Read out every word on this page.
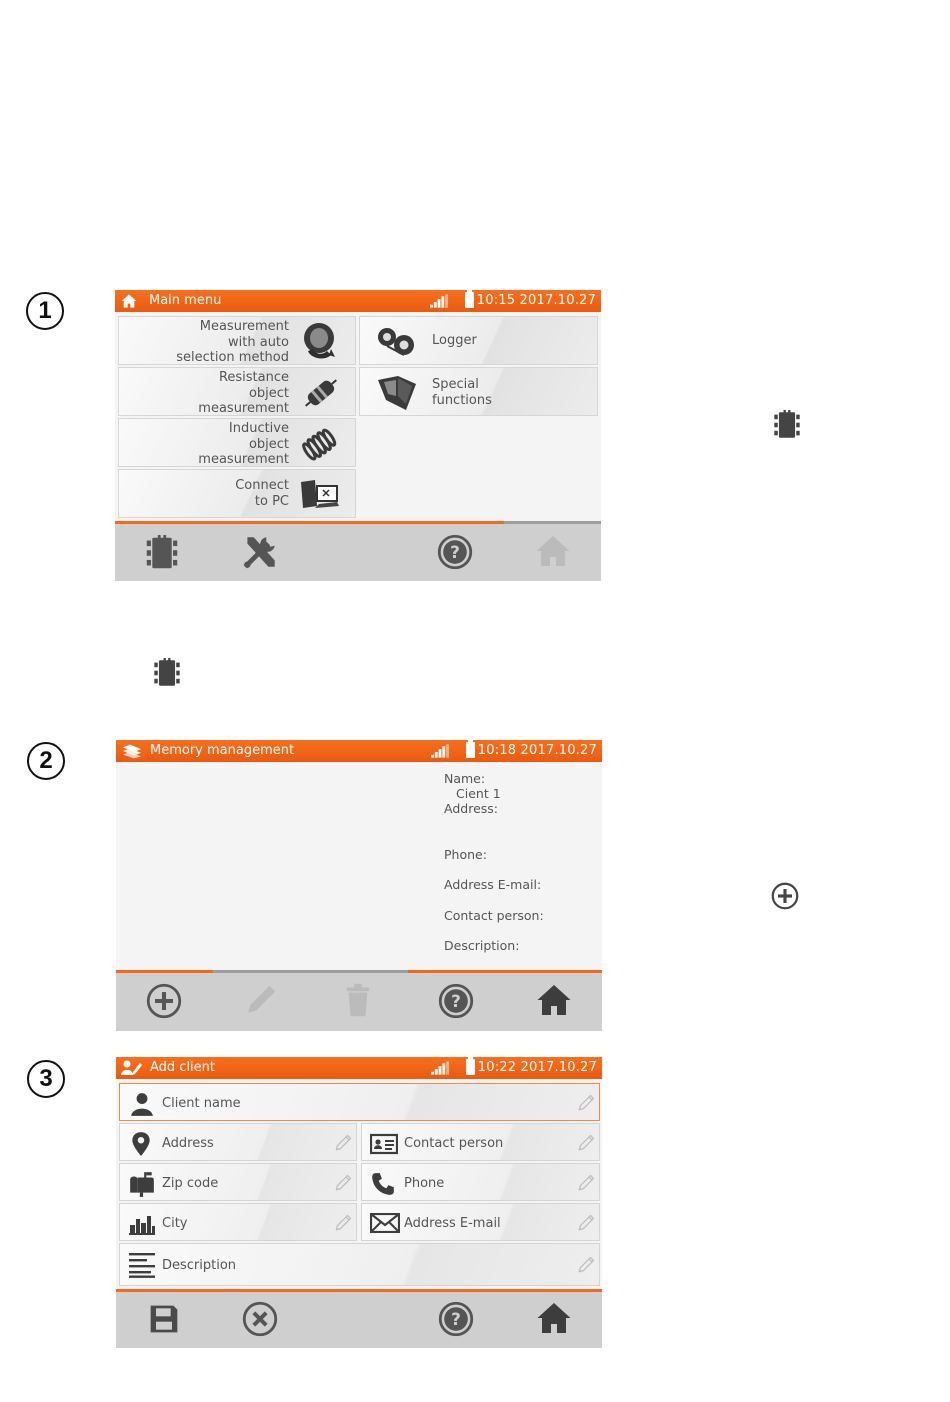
1
2
3
Main menu	10:15 2017.10.27
Measurement
with auto
selection method
Resistance
object
measurement
Inductive
object
measurement
Connect
to PC
Logger
Special
functions
Memory management	10:18 2017.10.27
Name:
Cient 1
Address:
Phone:
Address E-mail:
Contact person:
Description:
Add client	10:22 2017.10.27
Client name
Address	Contact person
Zip code	Phone
City	Address E-mail
Description
